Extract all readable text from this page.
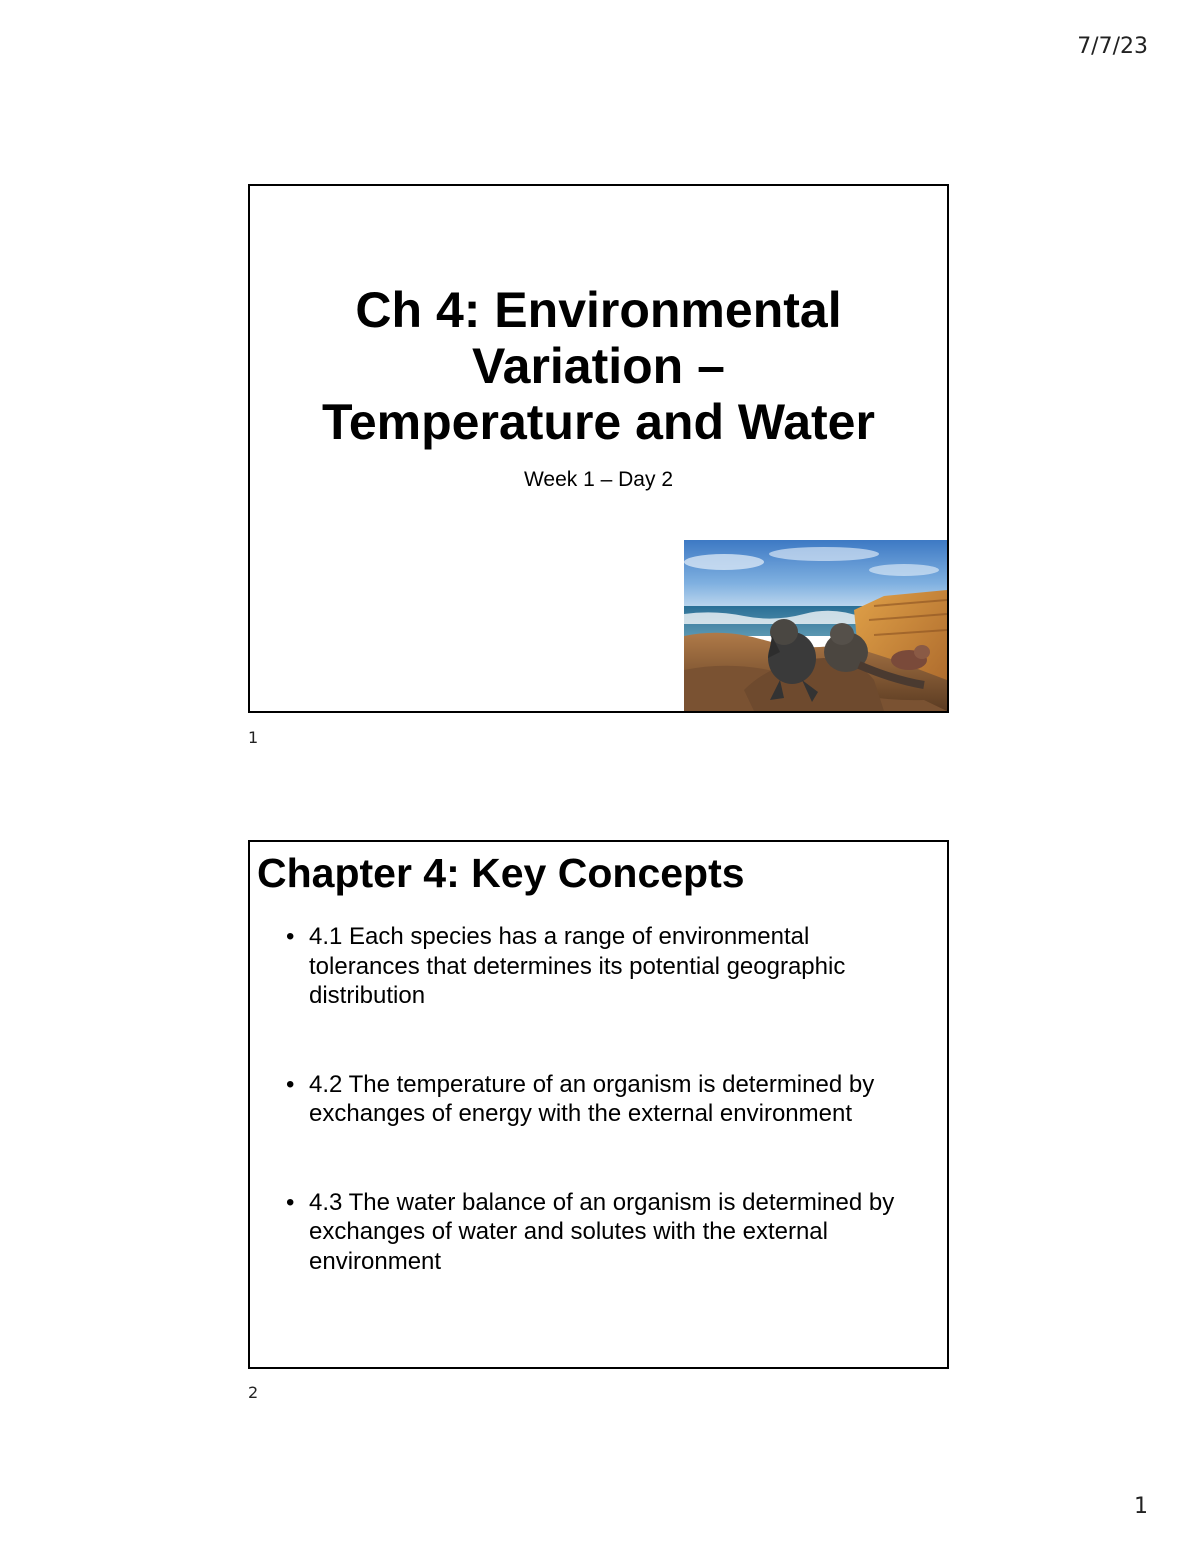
7/7/23
Ch 4: Environmental
Variation –
Temperature and Water
Week 1 – Day 2
1
Chapter 4: Key Concepts
• 4.1 Each species has a range of environmental tolerances that determines its potential geographic distribution
• 4.2 The temperature of an organism is determined by exchanges of energy with the external environment
• 4.3 The water balance of an organism is determined by exchanges of water and solutes with the external environment
2
1
